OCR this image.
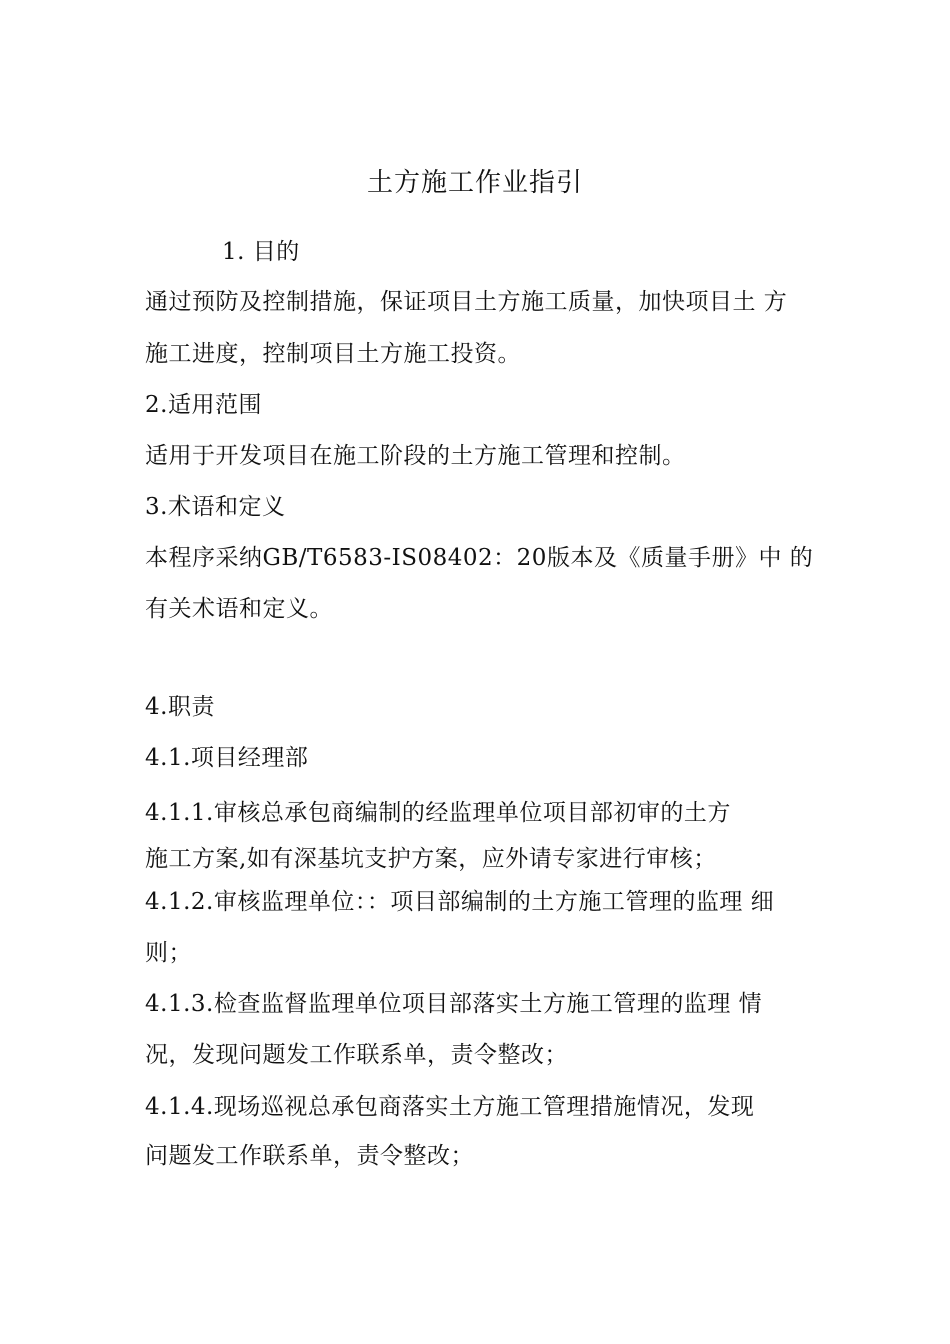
土方施工作业指引
1. 目的
通过预防及控制措施，保证项目土方施工质量，加快项目土 方
施工进度，控制项目土方施工投资。
2.适用范围
适用于开发项目在施工阶段的土方施工管理和控制。
3.术语和定义
本程序采纳GB/T6583-IS08402：20版本及《质量手册》中 的
有关术语和定义。
4.职责
4.1.项目经理部
4.1.1.审核总承包商编制的经监理单位项目部初审的土方
施工方案,如有深基坑支护方案，应外请专家进行审核；
4.1.2.审核监理单位：：项目部编制的土方施工管理的监理 细
则；
4.1.3.检查监督监理单位项目部落实土方施工管理的监理 情
况，发现问题发工作联系单，责令整改；
4.1.4.现场巡视总承包商落实土方施工管理措施情况，发现
问题发工作联系单，责令整改；
